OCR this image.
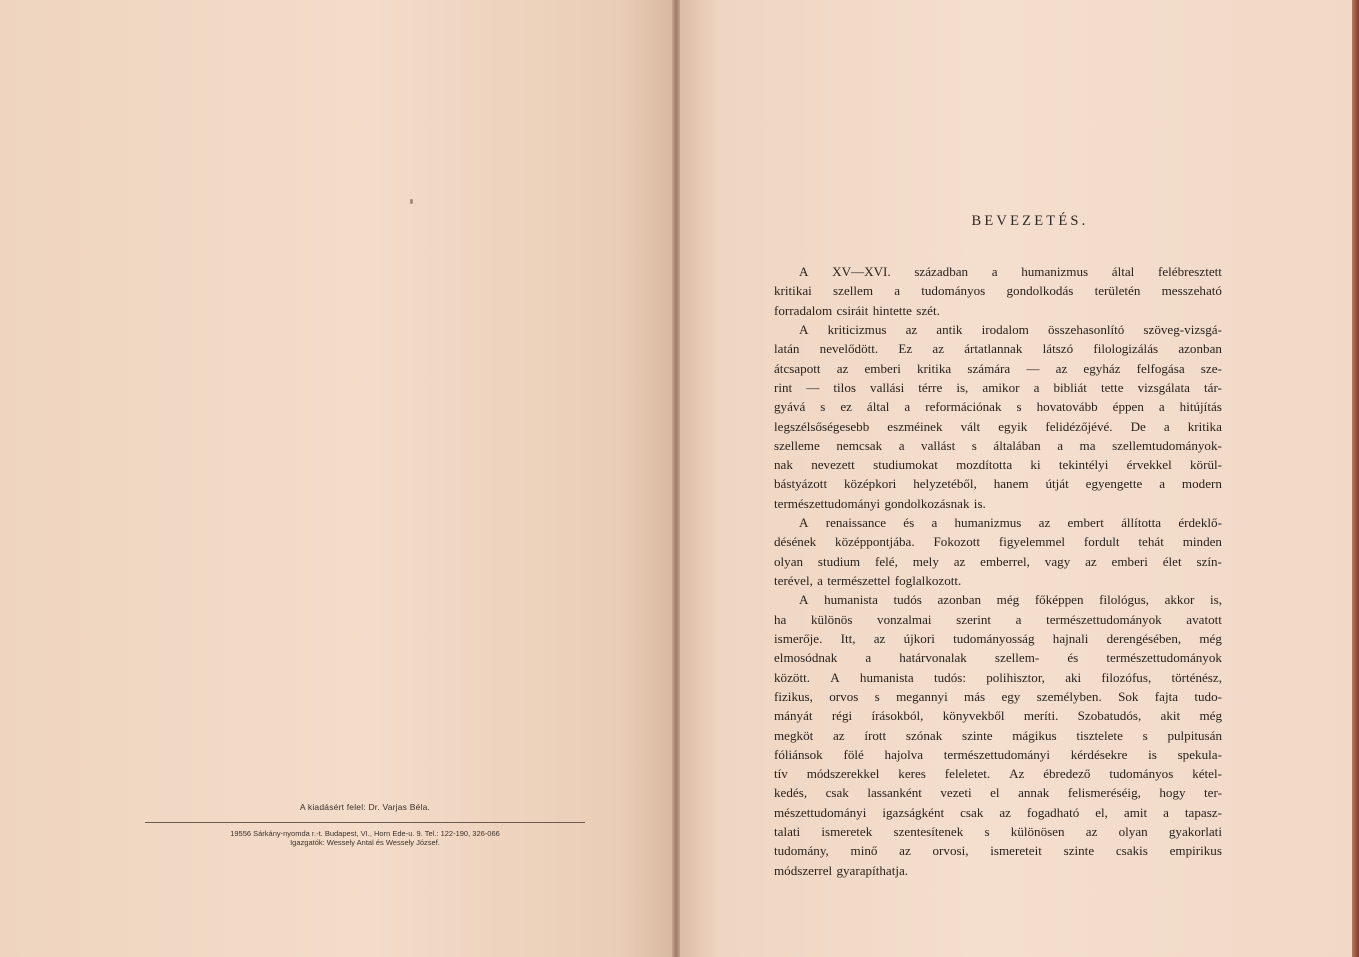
A kiadásért felel: Dr. Varjas Béla.
19556 Sárkány-nyomda r.-t. Budapest, VI., Horn Ede-u. 9. Tel.: 122-190, 326-066
Igazgatók: Wessely Antal és Wessely József.
BEVEZETÉS.
A XV—XVI. században a humanizmus által felébresztett
kritikai szellem a tudományos gondolkodás területén messzeható
forradalom csiráit hintette szét.
A kriticizmus az antik irodalom összehasonlító szöveg-vizsgá-
latán nevelődött. Ez az ártatlannak látszó filologizálás azonban
átcsapott az emberi kritika számára — az egyház felfogása sze-
rint — tilos vallási térre is, amikor a bibliát tette vizsgálata tár-
gyává s ez által a reformációnak s hovatovább éppen a hitújítás
legszélsőségesebb eszméinek vált egyik felidézőjévé. De a kritika
szelleme nemcsak a vallást s általában a ma szellemtudományok-
nak nevezett studiumokat mozdította ki tekintélyi érvekkel körül-
bástyázott középkori helyzetéből, hanem útját egyengette a modern
természettudományi gondolkozásnak is.
A renaissance és a humanizmus az embert állította érdeklő-
désének középpontjába. Fokozott figyelemmel fordult tehát minden
olyan studium felé, mely az emberrel, vagy az emberi élet szín-
terével, a természettel foglalkozott.
A humanista tudós azonban még főképpen filológus, akkor is,
ha különös vonzalmai szerint a természettudományok avatott
ismerője. Itt, az újkori tudományosság hajnali derengésében, még
elmosódnak a határvonalak szellem- és természettudományok
között. A humanista tudós: polihisztor, aki filozófus, történész,
fizikus, orvos s megannyi más egy személyben. Sok fajta tudo-
mányát régi írásokból, könyvekből meríti. Szobatudós, akit még
megköt az írott szónak szinte mágikus tisztelete s pulpitusán
fóliánsok fölé hajolva természettudományi kérdésekre is spekula-
tív módszerekkel keres feleletet. Az ébredező tudományos kétel-
kedés, csak lassanként vezeti el annak felismeréséig, hogy ter-
mészettudományi igazságként csak az fogadható el, amit a tapasz-
talati ismeretek szentesítenek s különösen az olyan gyakorlati
tudomány, minő az orvosi, ismereteit szinte csakis empirikus
módszerrel gyarapíthatja.
